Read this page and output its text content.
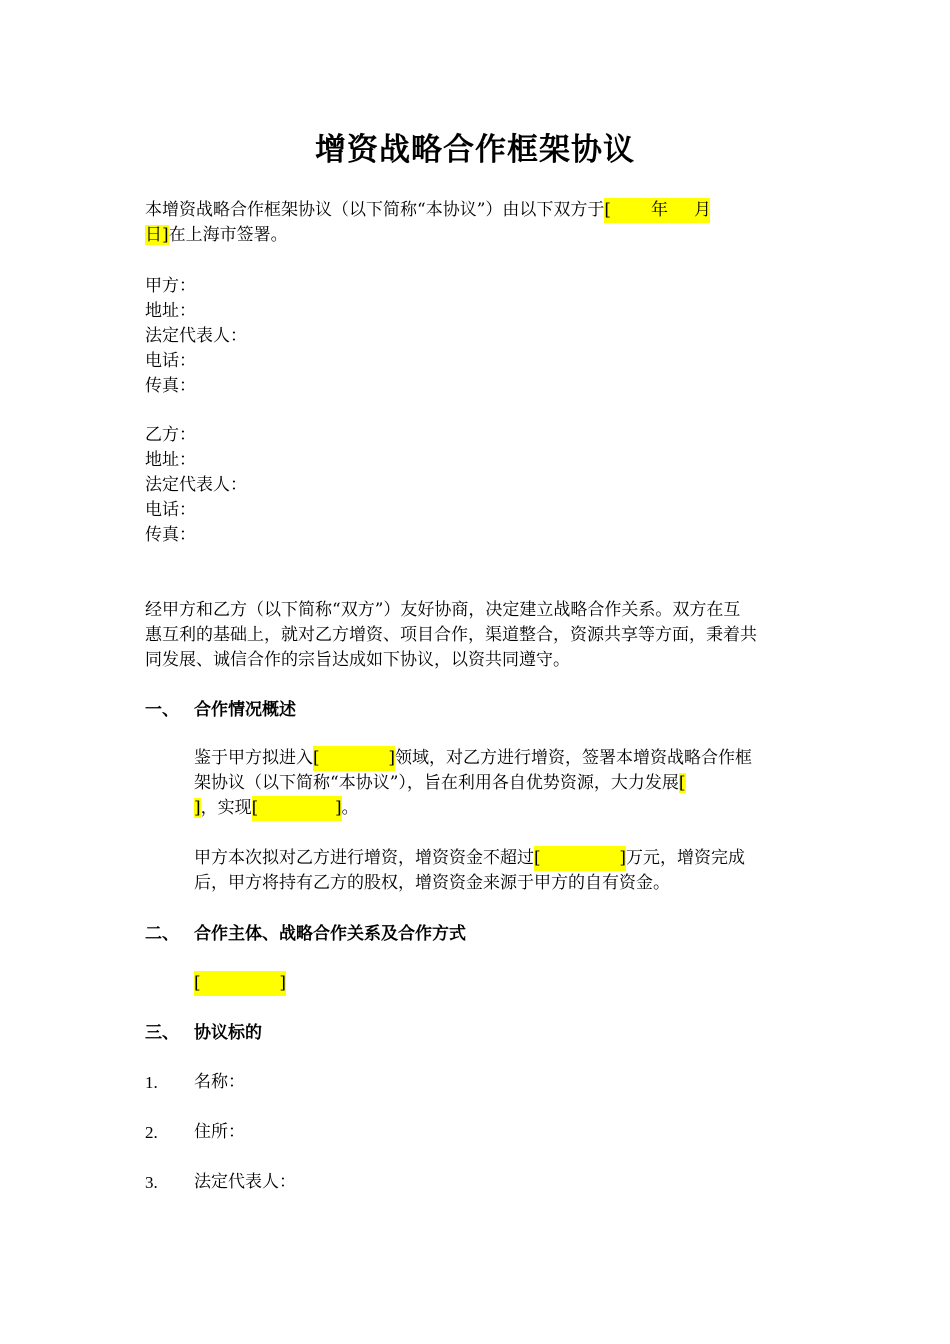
增资战略合作框架协议
本增资战略合作框架协议（以下简称“本协议”）由以下双方于[ 年 月
日]在上海市签署。
甲方：
地址：
法定代表人：
电话：
传真：
乙方：
地址：
法定代表人：
电话：
传真：
经甲方和乙方（以下简称“双方”）友好协商，决定建立战略合作关系。双方在互
惠互利的基础上，就对乙方增资、项目合作，渠道整合，资源共享等方面，秉着共
同发展、诚信合作的宗旨达成如下协议，以资共同遵守。
一、 合作情况概述
鉴于甲方拟进入[	] 领域，对乙方进行增资，签署本增资战略合作框
架协议（以下简称“本协议”），旨在利用各自优势资源，大力发展[
]，实现[	] 。
甲方本次拟对乙方进行增资，增资资金不超过[	] 万元，增资完成
后，甲方将持有乙方的股权，增资资金来源于甲方的自有资金。
二、 合作主体、战略合作关系及合作方式
[	]
三、 协议标的
1.	名称：
2.	住所：
3.	法定代表人：
